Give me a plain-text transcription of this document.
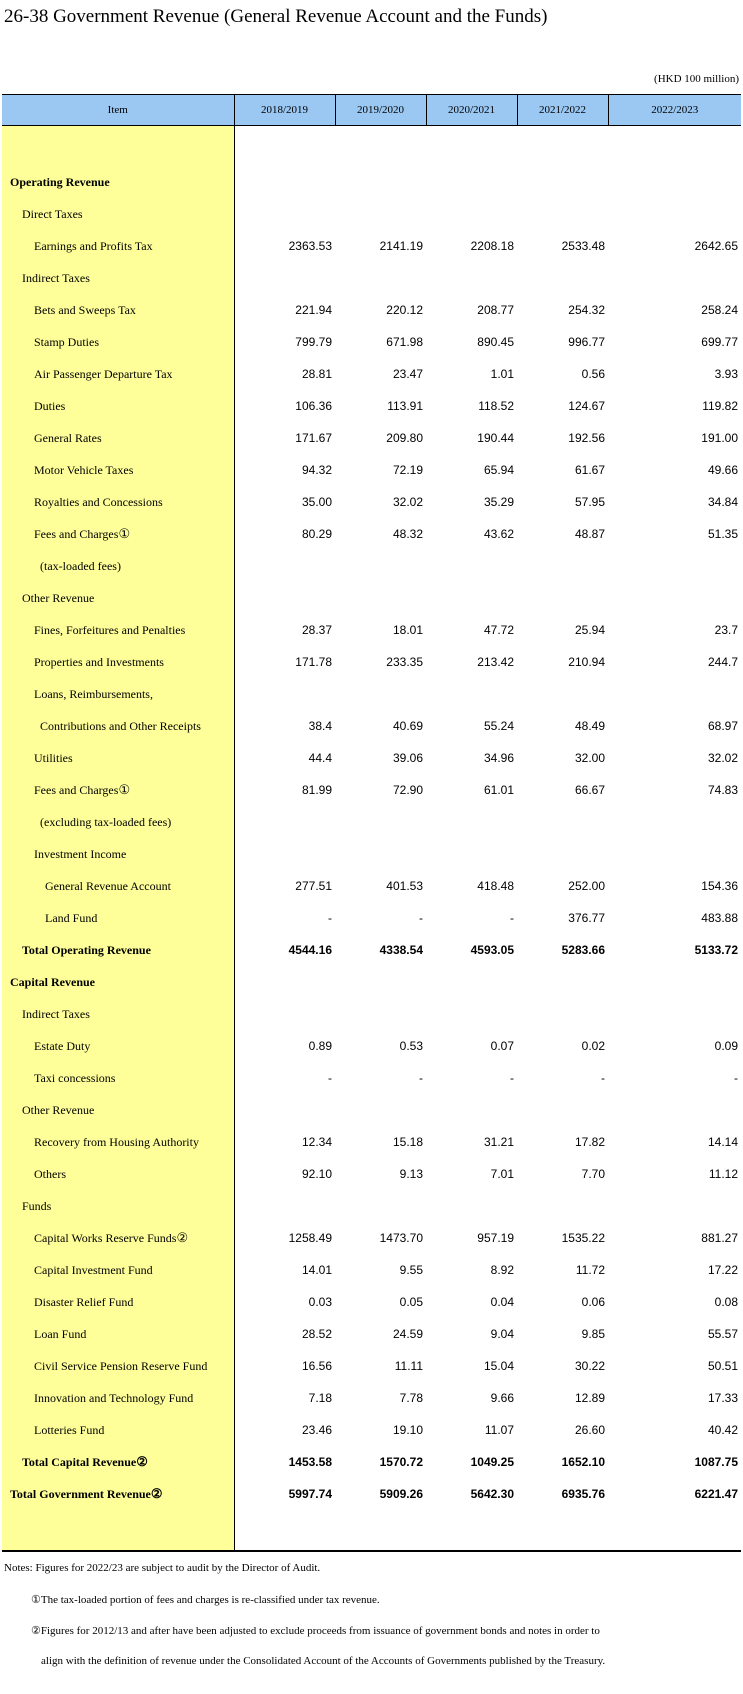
26-38 Government Revenue (General Revenue Account and the Funds)
(HKD 100 million)
Item	2018/2019	2019/2020	2020/2021	2021/2022	2022/2023

Operating Revenue					
Direct Taxes					
Earnings and Profits Tax	2363.53	2141.19	2208.18	2533.48	2642.65
Indirect Taxes					
Bets and Sweeps Tax	221.94	220.12	208.77	254.32	258.24
Stamp Duties	799.79	671.98	890.45	996.77	699.77
Air Passenger Departure Tax	28.81	23.47	1.01	0.56	3.93
Duties	106.36	113.91	118.52	124.67	119.82
General Rates	171.67	209.80	190.44	192.56	191.00
Motor Vehicle Taxes	94.32	72.19	65.94	61.67	49.66
Royalties and Concessions	35.00	32.02	35.29	57.95	34.84
Fees and Charges①	80.29	48.32	43.62	48.87	51.35
(tax-loaded fees)					
Other Revenue					
Fines, Forfeitures and Penalties	28.37	18.01	47.72	25.94	23.7
Properties and Investments	171.78	233.35	213.42	210.94	244.7
Loans, Reimbursements,					
Contributions and Other Receipts	38.4	40.69	55.24	48.49	68.97
Utilities	44.4	39.06	34.96	32.00	32.02
Fees and Charges①	81.99	72.90	61.01	66.67	74.83
(excluding tax-loaded fees)					
Investment Income					
General Revenue Account	277.51	401.53	418.48	252.00	154.36
Land Fund	-	-	-	376.77	483.88
Total Operating Revenue	4544.16	4338.54	4593.05	5283.66	5133.72
Capital Revenue					
Indirect Taxes					
Estate Duty	0.89	0.53	0.07	0.02	0.09
Taxi concessions	-	-	-	-	-
Other Revenue					
Recovery from Housing Authority	12.34	15.18	31.21	17.82	14.14
Others	92.10	9.13	7.01	7.70	11.12
Funds					
Capital Works Reserve Funds②	1258.49	1473.70	957.19	1535.22	881.27
Capital Investment Fund	14.01	9.55	8.92	11.72	17.22
Disaster Relief Fund	0.03	0.05	0.04	0.06	0.08
Loan Fund	28.52	24.59	9.04	9.85	55.57
Civil Service Pension Reserve Fund	16.56	11.11	15.04	30.22	50.51
Innovation and Technology Fund	7.18	7.78	9.66	12.89	17.33
Lotteries Fund	23.46	19.10	11.07	26.60	40.42
Total Capital Revenue②	1453.58	1570.72	1049.25	1652.10	1087.75
Total Government Revenue②	5997.74	5909.26	5642.30	6935.76	6221.47

Notes: Figures for 2022/23 are subject to audit by the Director of Audit.
①The tax-loaded portion of fees and charges is re-classified under tax revenue.
②Figures for 2012/13 and after have been adjusted to exclude proceeds from issuance of government bonds and notes in order to
align with the definition of revenue under the Consolidated Account of the Accounts of Governments published by the Treasury.
